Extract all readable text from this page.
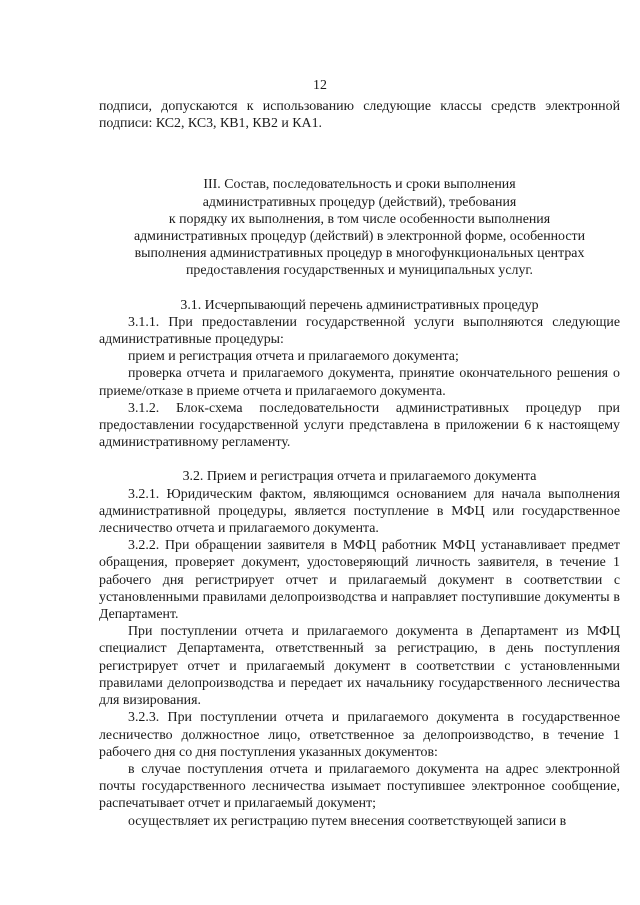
12

подписи, допускаются к использованию следующие классы средств электронной подписи: КС2, КС3, КВ1, КВ2 и КА1.

III. Состав, последовательность и сроки выполнения
административных процедур (действий), требования
к порядку их выполнения, в том числе особенности выполнения
административных процедур (действий) в электронной форме, особенности
выполнения административных процедур в многофункциональных центрах
предоставления государственных и муниципальных услуг.

3.1. Исчерпывающий перечень административных процедур

3.1.1. При предоставлении государственной услуги выполняются следующие административные процедуры:

прием и регистрация отчета и прилагаемого документа;

проверка отчета и прилагаемого документа, принятие окончательного решения о приеме/отказе в приеме отчета и прилагаемого документа.

3.1.2. Блок-схема последовательности административных процедур при предоставлении государственной услуги представлена в приложении 6 к настоящему административному регламенту.

3.2. Прием и регистрация отчета и прилагаемого документа

3.2.1. Юридическим фактом, являющимся основанием для начала выполнения административной процедуры, является поступление в МФЦ или государственное лесничество отчета и прилагаемого документа.

3.2.2. При обращении заявителя в МФЦ работник МФЦ устанавливает предмет обращения, проверяет документ, удостоверяющий личность заявителя, в течение 1 рабочего дня регистрирует отчет и прилагаемый документ в соответствии с установленными правилами делопроизводства и направляет поступившие документы в Департамент.

При поступлении отчета и прилагаемого документа в Департамент из МФЦ специалист Департамента, ответственный за регистрацию, в день поступления регистрирует отчет и прилагаемый документ в соответствии с установленными правилами делопроизводства и передает их начальнику государственного лесничества для визирования.

3.2.3. При поступлении отчета и прилагаемого документа в государственное лесничество должностное лицо, ответственное за делопроизводство, в течение 1 рабочего дня со дня поступления указанных документов:

в случае поступления отчета и прилагаемого документа на адрес электронной почты государственного лесничества изымает поступившее электронное сообщение, распечатывает отчет и прилагаемый документ;

осуществляет их регистрацию путем внесения соответствующей записи в
